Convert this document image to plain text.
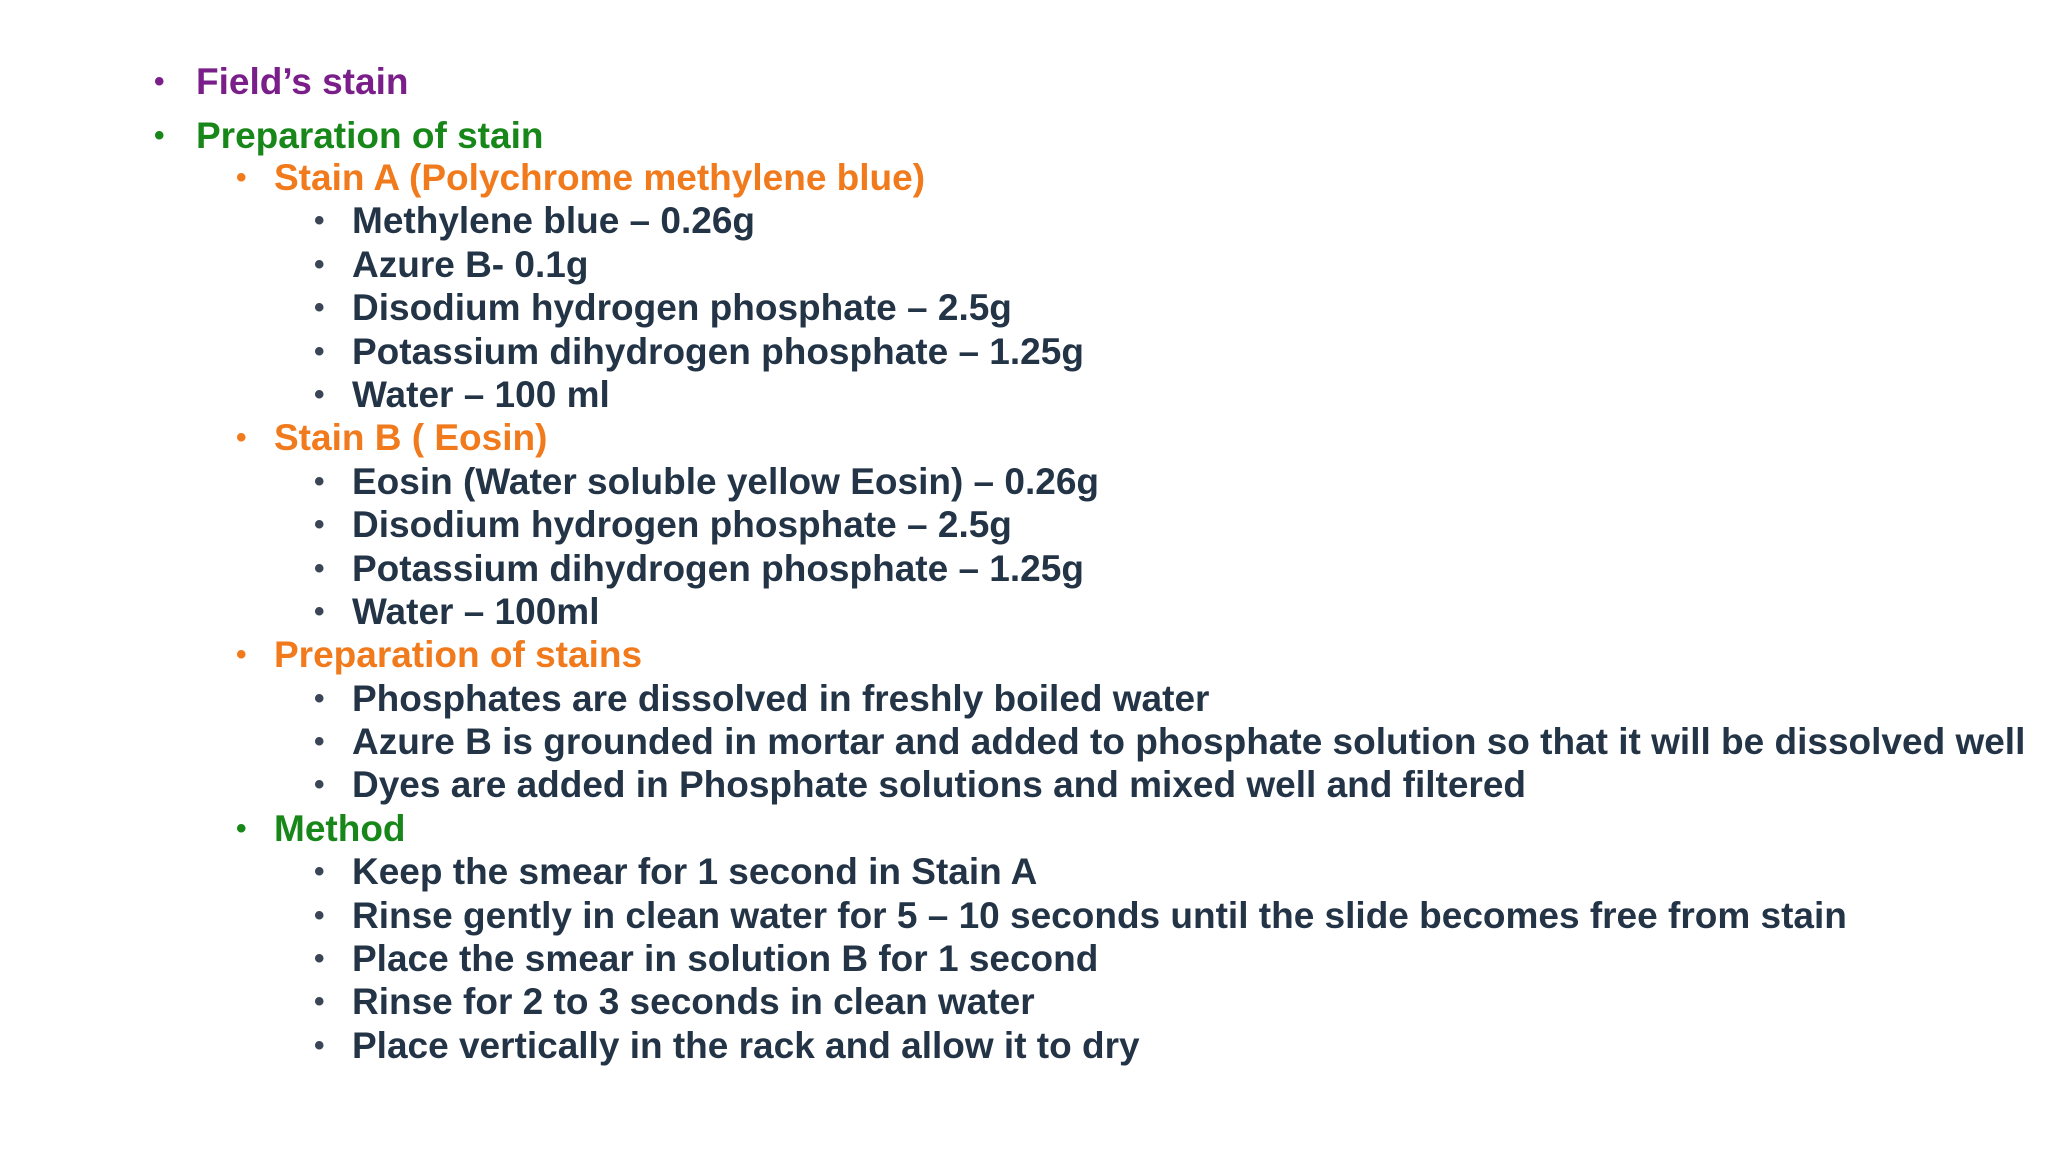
• Field’s stain
• Preparation of stain
• Stain A (Polychrome methylene blue)
• Methylene blue – 0.26g
• Azure B- 0.1g
• Disodium hydrogen phosphate – 2.5g
• Potassium dihydrogen phosphate – 1.25g
• Water – 100 ml
• Stain B ( Eosin)
• Eosin (Water soluble yellow Eosin) – 0.26g
• Disodium hydrogen phosphate – 2.5g
• Potassium dihydrogen phosphate – 1.25g
• Water – 100ml
• Preparation of stains
• Phosphates are dissolved in freshly boiled water
• Azure B is grounded in mortar and added to phosphate solution so that it will be dissolved well
• Dyes are added in Phosphate solutions and mixed well and filtered
• Method
• Keep the smear for 1 second in Stain A
• Rinse gently in clean water for 5 – 10 seconds until the slide becomes free from stain
• Place the smear in solution B for 1 second
• Rinse for 2 to 3 seconds in clean water
• Place vertically in the rack and allow it to dry
